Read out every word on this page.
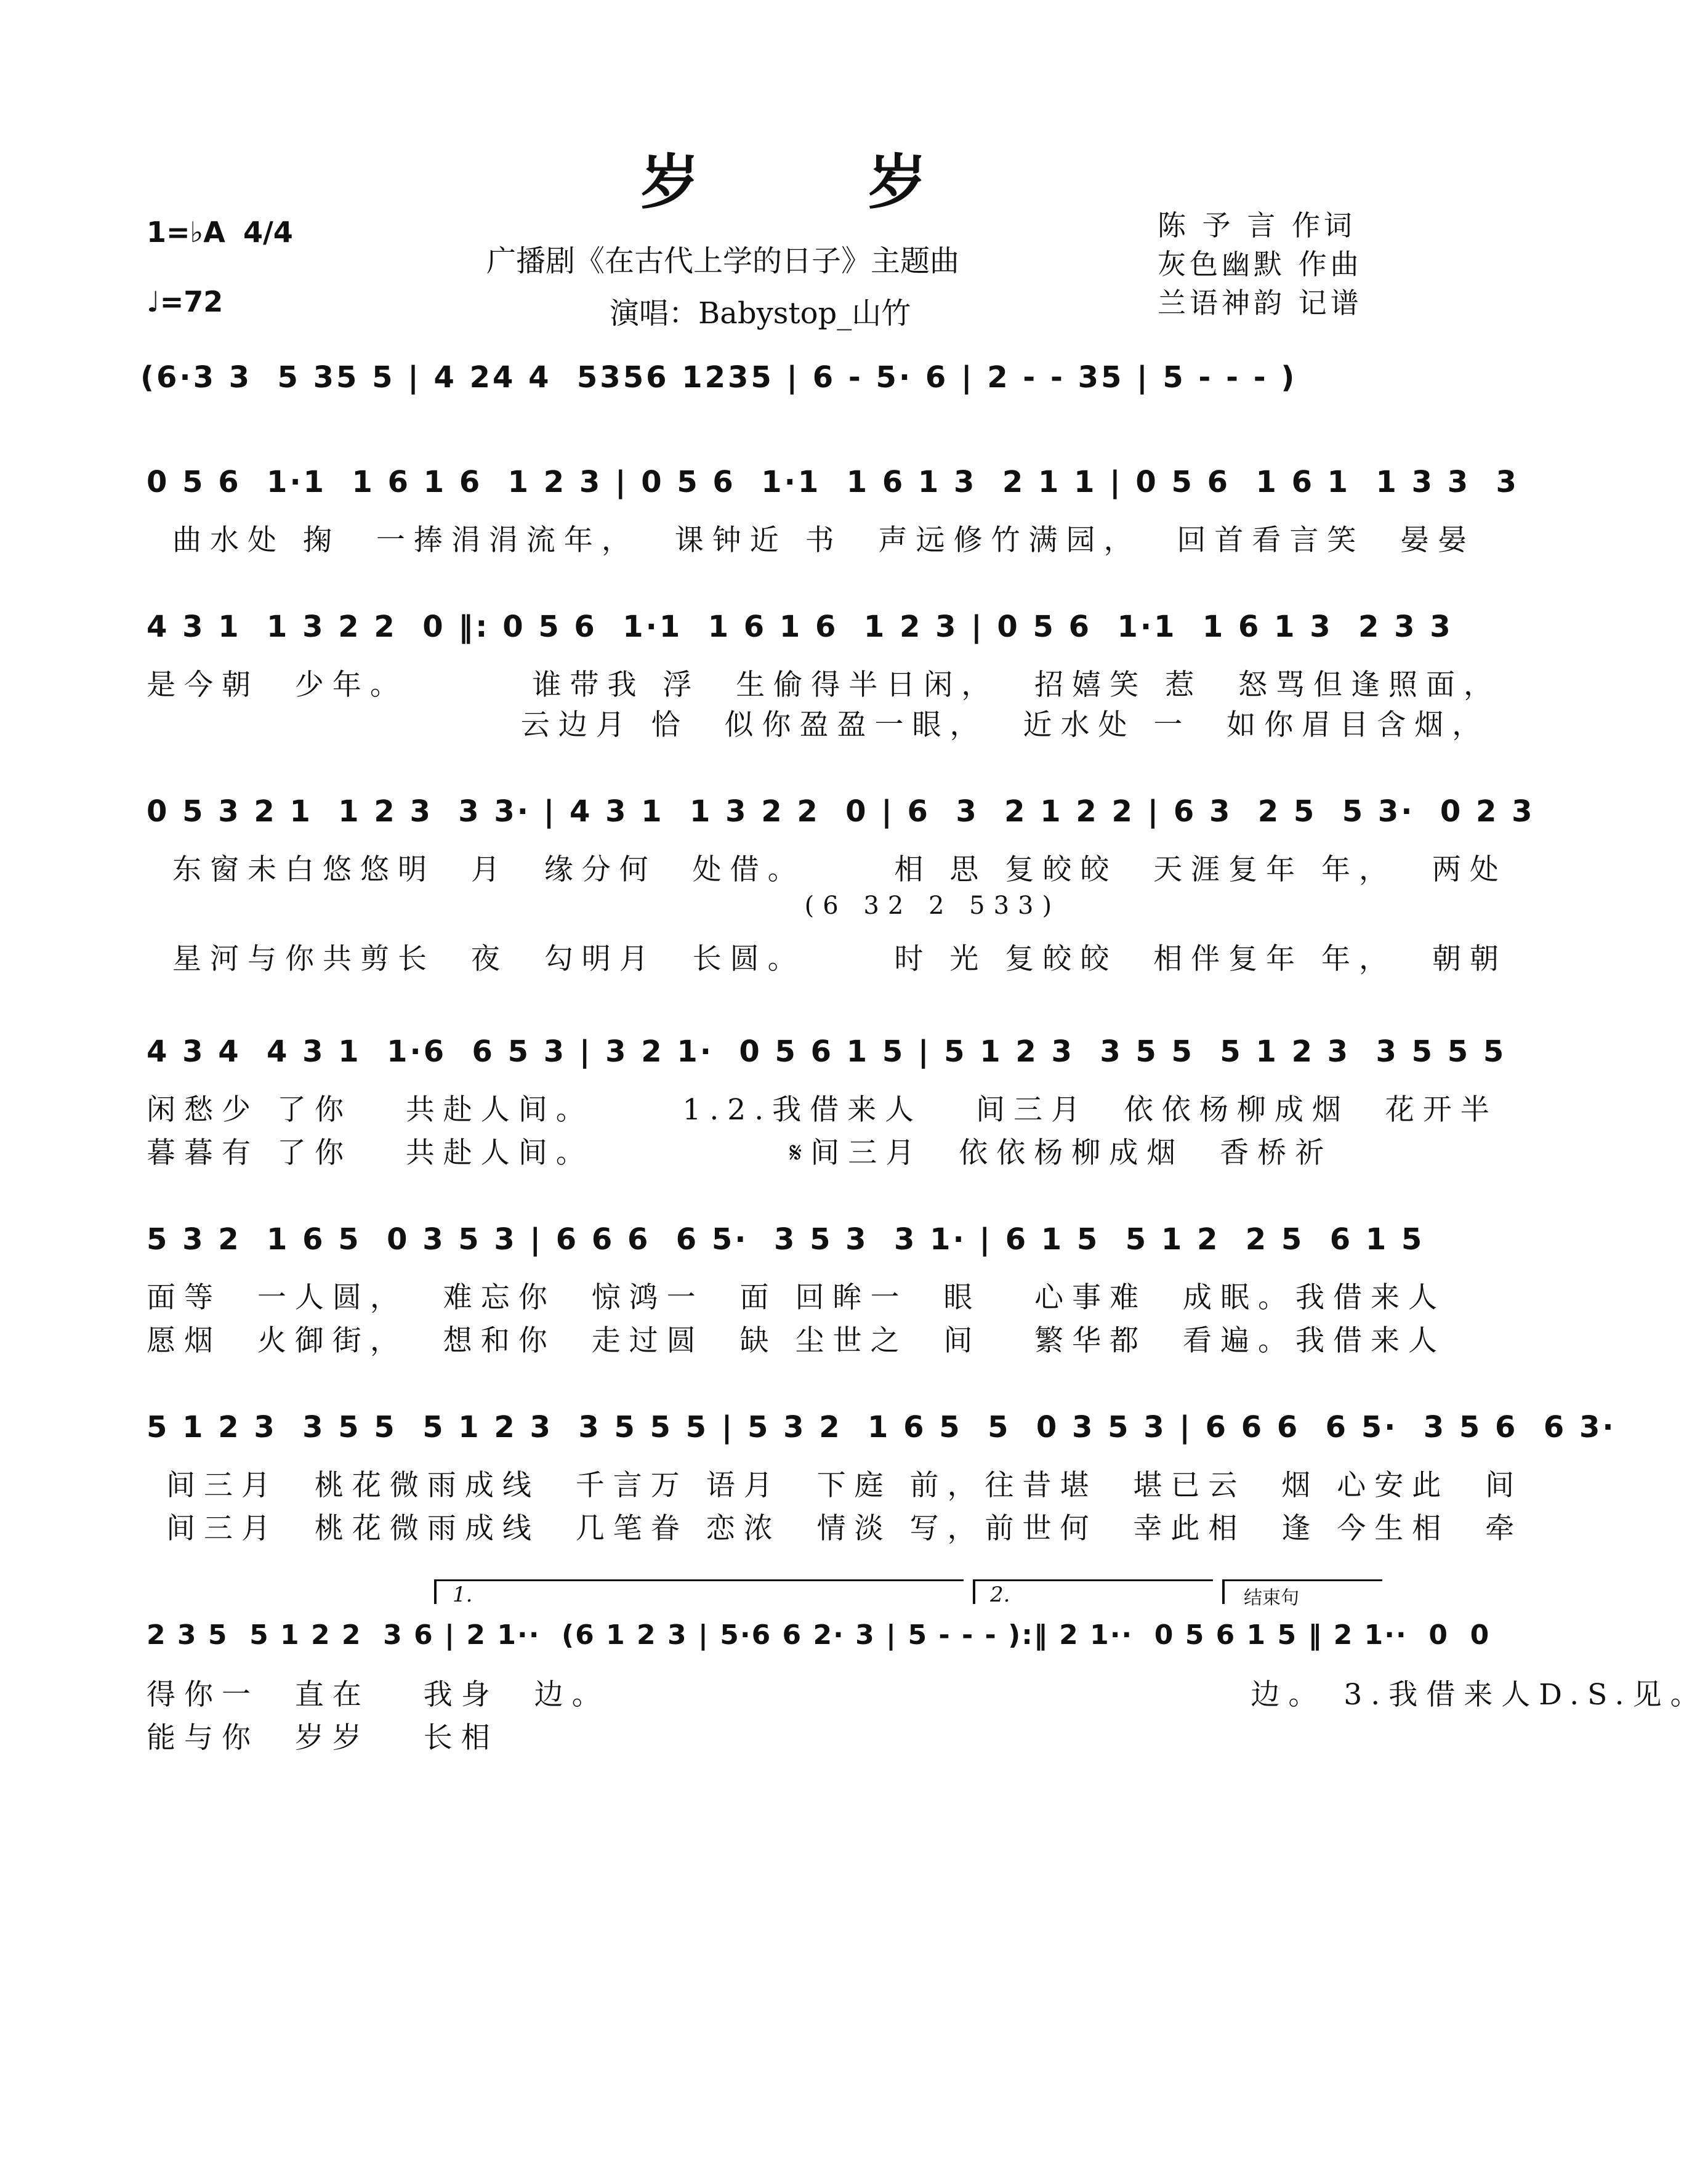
岁 岁
1=♭A 4/4
♩=72
广播剧《在古代上学的日子》主题曲
演唱：Babystop_山竹
陈 予 言 作词
灰色幽默 作曲
兰语神韵 记谱
(6·3 3  5 35 5 | 4 24 4  5356 1235 | 6 - 5· 6 | 2 - - 35 | 5 - - - )
0 5 6  1·1  1 6 1 6  1 2 3 | 0 5 6  1·1  1 6 1 3  2 1 1 | 0 5 6  1 6 1  1 3 3  3
曲水处 掬  一捧涓涓流年，  课钟近 书  声远修竹满园，  回首看言笑  晏晏
4 3 1  1 3 2 2  0 ‖: 0 5 6  1·1  1 6 1 6  1 2 3 | 0 5 6  1·1  1 6 1 3  2 3 3
是今朝  少年。       谁带我 浮  生偷得半日闲，  招嬉笑 惹  怒骂但逢照面，
云边月 恰  似你盈盈一眼，  近水处 一  如你眉目含烟，
0 5 3 2 1  1 2 3  3 3· | 4 3 1  1 3 2 2  0 | 6  3  2 1 2 2 | 6 3  2 5  5 3·  0 2 3
东窗未白悠悠明  月  缘分何  处借。     相 思 复皎皎  天涯复年 年，  两处
(6 32 2 533)
星河与你共剪长  夜  勾明月  长圆。     时 光 复皎皎  相伴复年 年，  朝朝
4 3 4  4 3 1  1·6  6 5 3 | 3 2 1·  0 5 6 1 5 | 5 1 2 3  3 5 5  5 1 2 3  3 5 5 5
闲愁少 了你   共赴人间。     1.2.我借来人   间三月  依依杨柳成烟  花开半
暮暮有 了你   共赴人间。           𝄋间三月  依依杨柳成烟  香桥祈
5 3 2  1 6 5  0 3 5 3 | 6 6 6  6 5·  3 5 3  3 1· | 6 1 5  5 1 2  2 5  6 1 5
面等  一人圆，  难忘你  惊鸿一  面 回眸一  眼   心事难  成眠。我借来人
愿烟  火御街，  想和你  走过圆  缺 尘世之  间   繁华都  看遍。我借来人
5 1 2 3  3 5 5  5 1 2 3  3 5 5 5 | 5 3 2  1 6 5  5  0 3 5 3 | 6 6 6  6 5·  3 5 6  6 3·
间三月  桃花微雨成线  千言万 语月  下庭 前，往昔堪  堪已云  烟 心安此  间
间三月  桃花微雨成线  几笔眷 恋浓  情淡 写，前世何  幸此相  逢 今生相  牵
1.	2.	结束句
2 3 5  5 1 2 2  3 6 | 2 1··  (6 1 2 3 | 5·6 6 2· 3 | 5 - - - ):‖ 2 1··  0 5 6 1 5 ‖ 2 1··  0  0
得你一  直在   我身  边。                                    边。 3.我借来人D.S.见。
能与你  岁岁   长相
